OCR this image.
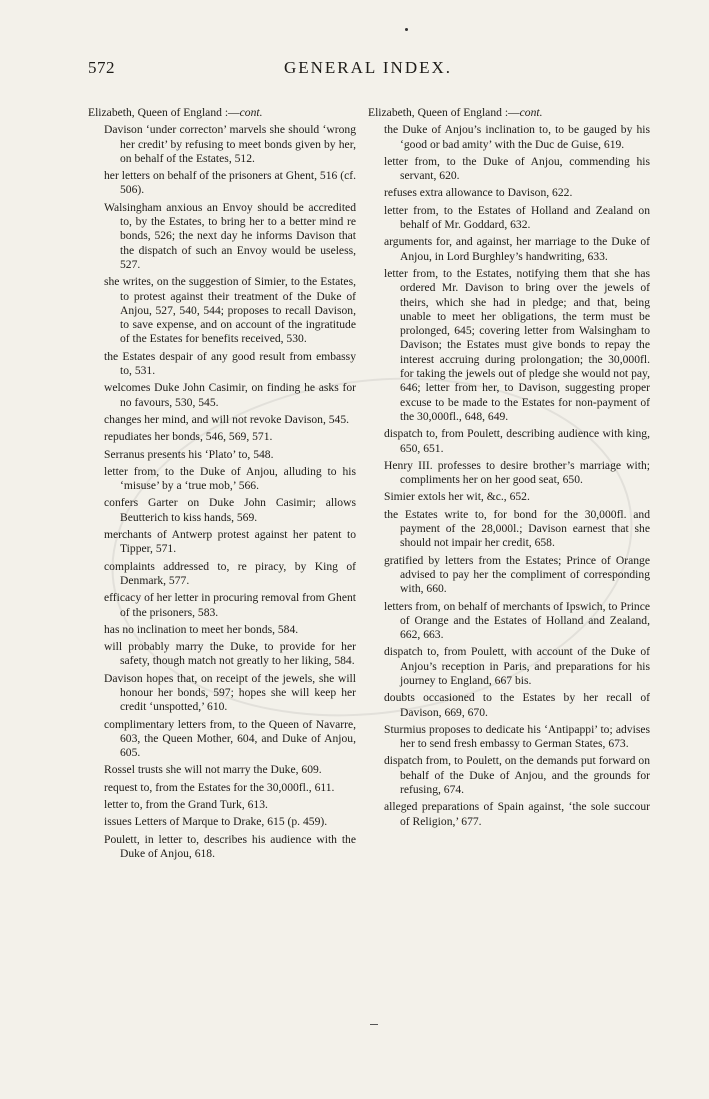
572	GENERAL INDEX.
Elizabeth, Queen of England :—cont.
Davison ‘under correcton’ marvels she should ‘wrong her credit’ by refusing to meet bonds given by her, on behalf of the Estates, 512.
her letters on behalf of the prisoners at Ghent, 516 (cf. 506).
Walsingham anxious an Envoy should be accredited to, by the Estates, to bring her to a better mind re bonds, 526; the next day he informs Davison that the dispatch of such an Envoy would be useless, 527.
she writes, on the suggestion of Simier, to the Estates, to protest against their treatment of the Duke of Anjou, 527, 540, 544; proposes to recall Davison, to save expense, and on account of the ingratitude of the Estates for benefits received, 530.
the Estates despair of any good result from embassy to, 531.
welcomes Duke John Casimir, on finding he asks for no favours, 530, 545.
changes her mind, and will not revoke Davison, 545.
repudiates her bonds, 546, 569, 571.
Serranus presents his ‘Plato’ to, 548.
letter from, to the Duke of Anjou, alluding to his ‘misuse’ by a ‘true mob,’ 566.
confers Garter on Duke John Casimir; allows Beutterich to kiss hands, 569.
merchants of Antwerp protest against her patent to Tipper, 571.
complaints addressed to, re piracy, by King of Denmark, 577.
efficacy of her letter in procuring removal from Ghent of the prisoners, 583.
has no inclination to meet her bonds, 584.
will probably marry the Duke, to provide for her safety, though match not greatly to her liking, 584.
Davison hopes that, on receipt of the jewels, she will honour her bonds, 597; hopes she will keep her credit ‘unspotted,’ 610.
complimentary letters from, to the Queen of Navarre, 603, the Queen Mother, 604, and Duke of Anjou, 605.
Rossel trusts she will not marry the Duke, 609.
request to, from the Estates for the 30,000fl., 611.
letter to, from the Grand Turk, 613.
issues Letters of Marque to Drake, 615 (p. 459).
Poulett, in letter to, describes his audience with the Duke of Anjou, 618.
Elizabeth, Queen of England :—cont.
the Duke of Anjou’s inclination to, to be gauged by his ‘good or bad amity’ with the Duc de Guise, 619.
letter from, to the Duke of Anjou, commending his servant, 620.
refuses extra allowance to Davison, 622.
letter from, to the Estates of Holland and Zealand on behalf of Mr. Goddard, 632.
arguments for, and against, her marriage to the Duke of Anjou, in Lord Burghley’s handwriting, 633.
letter from, to the Estates, notifying them that she has ordered Mr. Davison to bring over the jewels of theirs, which she had in pledge; and that, being unable to meet her obligations, the term must be prolonged, 645; covering letter from Walsingham to Davison; the Estates must give bonds to repay the interest accruing during prolongation; the 30,000fl. for taking the jewels out of pledge she would not pay, 646; letter from her, to Davison, suggesting proper excuse to be made to the Estates for non-payment of the 30,000fl., 648, 649.
dispatch to, from Poulett, describing audience with king, 650, 651.
Henry III. professes to desire brother’s marriage with; compliments her on her good seat, 650.
Simier extols her wit, &c., 652.
the Estates write to, for bond for the 30,000fl. and payment of the 28,000l.; Davison earnest that she should not impair her credit, 658.
gratified by letters from the Estates; Prince of Orange advised to pay her the compliment of corresponding with, 660.
letters from, on behalf of merchants of Ipswich, to Prince of Orange and the Estates of Holland and Zealand, 662, 663.
dispatch to, from Poulett, with account of the Duke of Anjou’s reception in Paris, and preparations for his journey to England, 667 bis.
doubts occasioned to the Estates by her recall of Davison, 669, 670.
Sturmius proposes to dedicate his ‘Antipappi’ to; advises her to send fresh embassy to German States, 673.
dispatch from, to Poulett, on the demands put forward on behalf of the Duke of Anjou, and the grounds for refusing, 674.
alleged preparations of Spain against, ‘the sole succour of Religion,’ 677.
